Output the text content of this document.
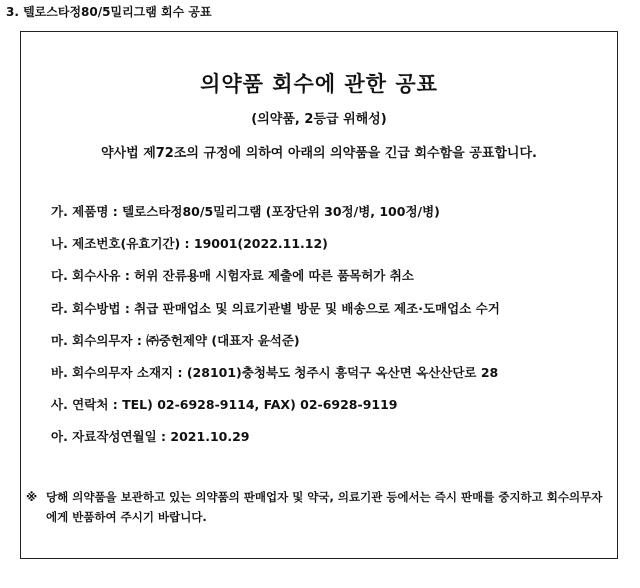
3. 텔로스타정80/5밀리그램 회수 공표
의약품 회수에 관한 공표
(의약품, 2등급 위해성)
약사법 제72조의 규정에 의하여 아래의 의약품을 긴급 회수함을 공표합니다.
가. 제품명 : 텔로스타정80/5밀리그램 (포장단위 30정/병, 100정/병)
나. 제조번호(유효기간) : 19001(2022.11.12)
다. 회수사유 : 허위 잔류용매 시험자료 제출에 따른 품목허가 취소
라. 회수방법 : 취급 판매업소 및 의료기관별 방문 및 배송으로 제조·도매업소 수거
마. 회수의무자 : ㈜중헌제약 (대표자 윤석준)
바. 회수의무자 소재지 : (28101)충청북도 청주시 흥덕구 옥산면 옥산산단로 28
사. 연락처 : TEL) 02-6928-9114, FAX) 02-6928-9119
아. 자료작성연월일 : 2021.10.29
※ 당해 의약품을 보관하고 있는 의약품의 판매업자 및 약국, 의료기관 등에서는 즉시 판매를 중지하고 회수의무자에게 반품하여 주시기 바랍니다.
